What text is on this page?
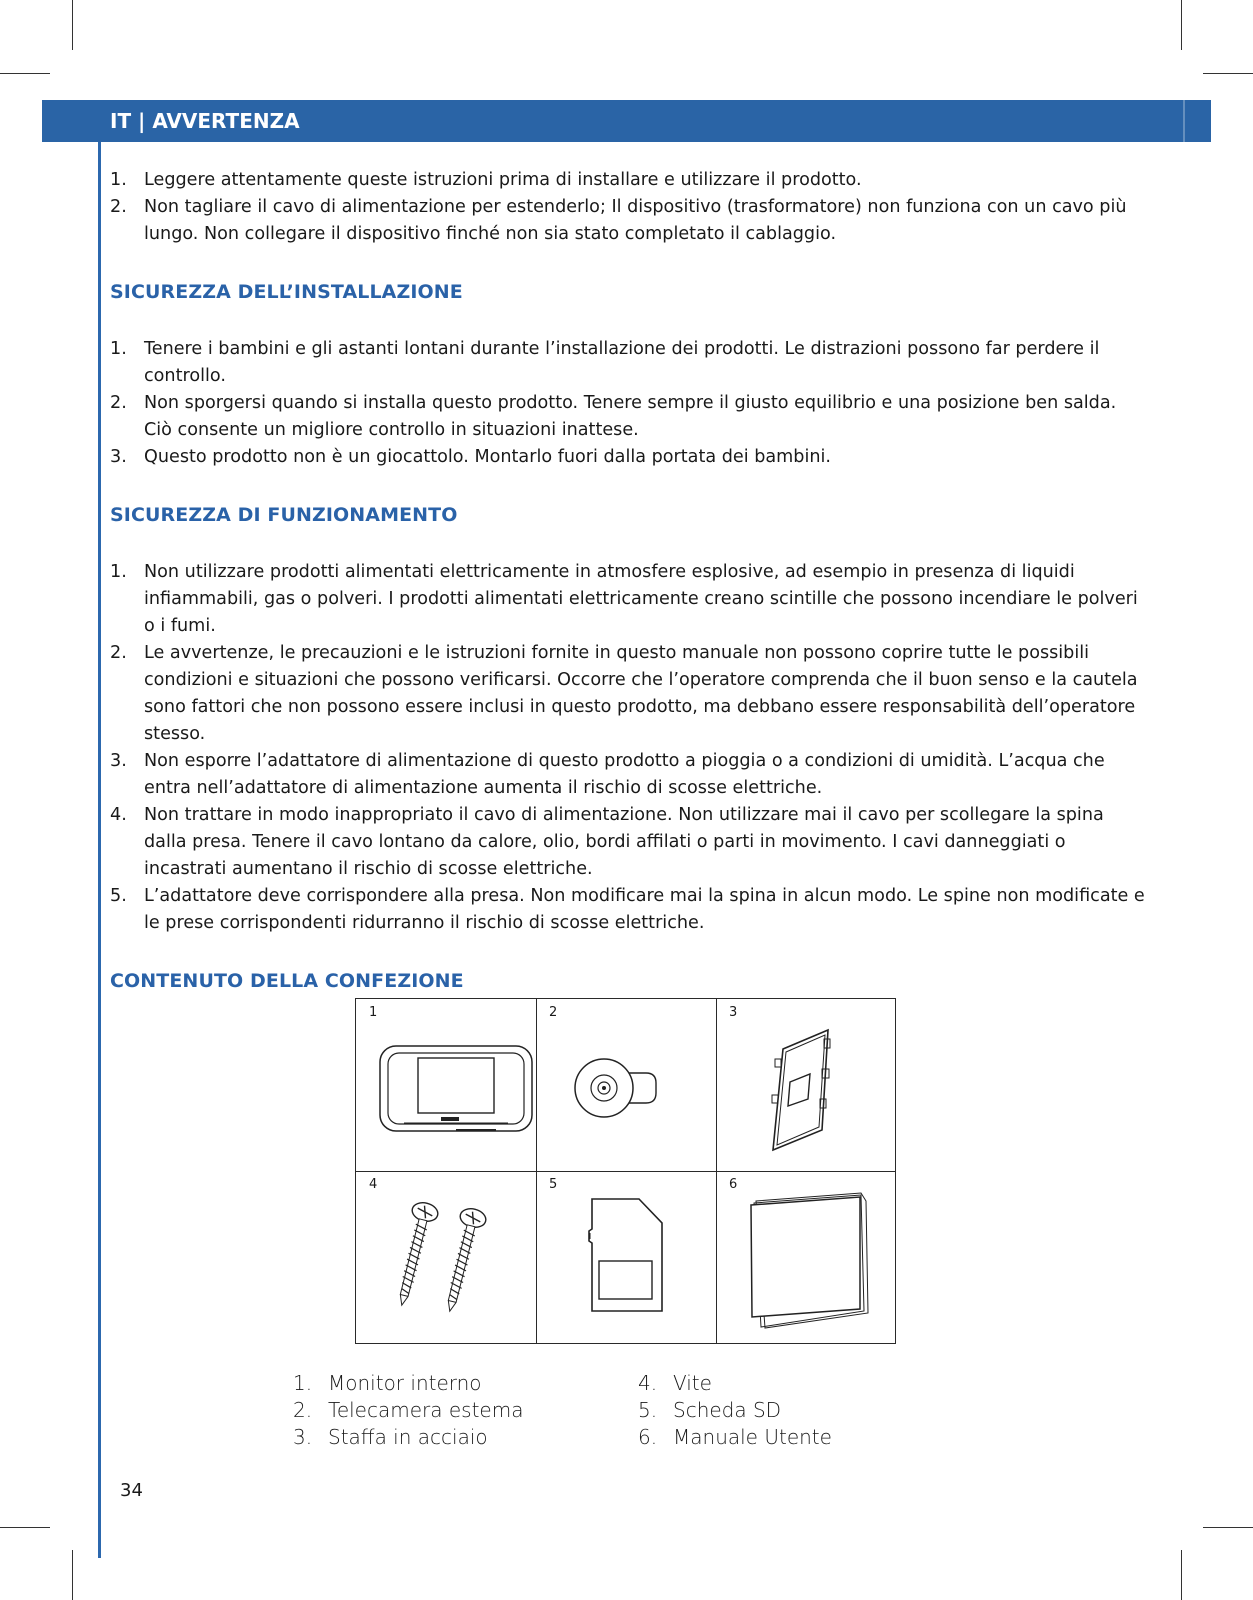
IT | AVVERTENZA
1. Leggere attentamente queste istruzioni prima di installare e utilizzare il prodotto.
2. Non tagliare il cavo di alimentazione per estenderlo; Il dispositivo (trasformatore) non funziona con un cavo più lungo. Non collegare il dispositivo finché non sia stato completato il cablaggio.
SICUREZZA DELL’INSTALLAZIONE
1. Tenere i bambini e gli astanti lontani durante l’installazione dei prodotti. Le distrazioni possono far perdere il controllo.
2. Non sporgersi quando si installa questo prodotto. Tenere sempre il giusto equilibrio e una posizione ben salda. Ciò consente un migliore controllo in situazioni inattese.
3. Questo prodotto non è un giocattolo. Montarlo fuori dalla portata dei bambini.
SICUREZZA DI FUNZIONAMENTO
1. Non utilizzare prodotti alimentati elettricamente in atmosfere esplosive, ad esempio in presenza di liquidi infiammabili, gas o polveri. I prodotti alimentati elettricamente creano scintille che possono incendiare le polveri o i fumi.
2. Le avvertenze, le precauzioni e le istruzioni fornite in questo manuale non possono coprire tutte le possibili condizioni e situazioni che possono verificarsi. Occorre che l’operatore comprenda che il buon senso e la cautela sono fattori che non possono essere inclusi in questo prodotto, ma debbano essere responsabilità dell’operatore stesso.
3. Non esporre l’adattatore di alimentazione di questo prodotto a pioggia o a condizioni di umidità. L’acqua che entra nell’adattatore di alimentazione aumenta il rischio di scosse elettriche.
4. Non trattare in modo inappropriato il cavo di alimentazione. Non utilizzare mai il cavo per scollegare la spina dalla presa. Tenere il cavo lontano da calore, olio, bordi affilati o parti in movimento. I cavi danneggiati o incastrati aumentano il rischio di scosse elettriche.
5. L’adattatore deve corrispondere alla presa. Non modificare mai la spina in alcun modo. Le spine non modificate e le prese corrispondenti ridurranno il rischio di scosse elettriche.
CONTENUTO DELLA CONFEZIONE
1	2	3
4	5	6
1. Monitor interno
2. Telecamera estema
3. Staffa in acciaio
4. Vite
5. Scheda SD
6. Manuale Utente
34
